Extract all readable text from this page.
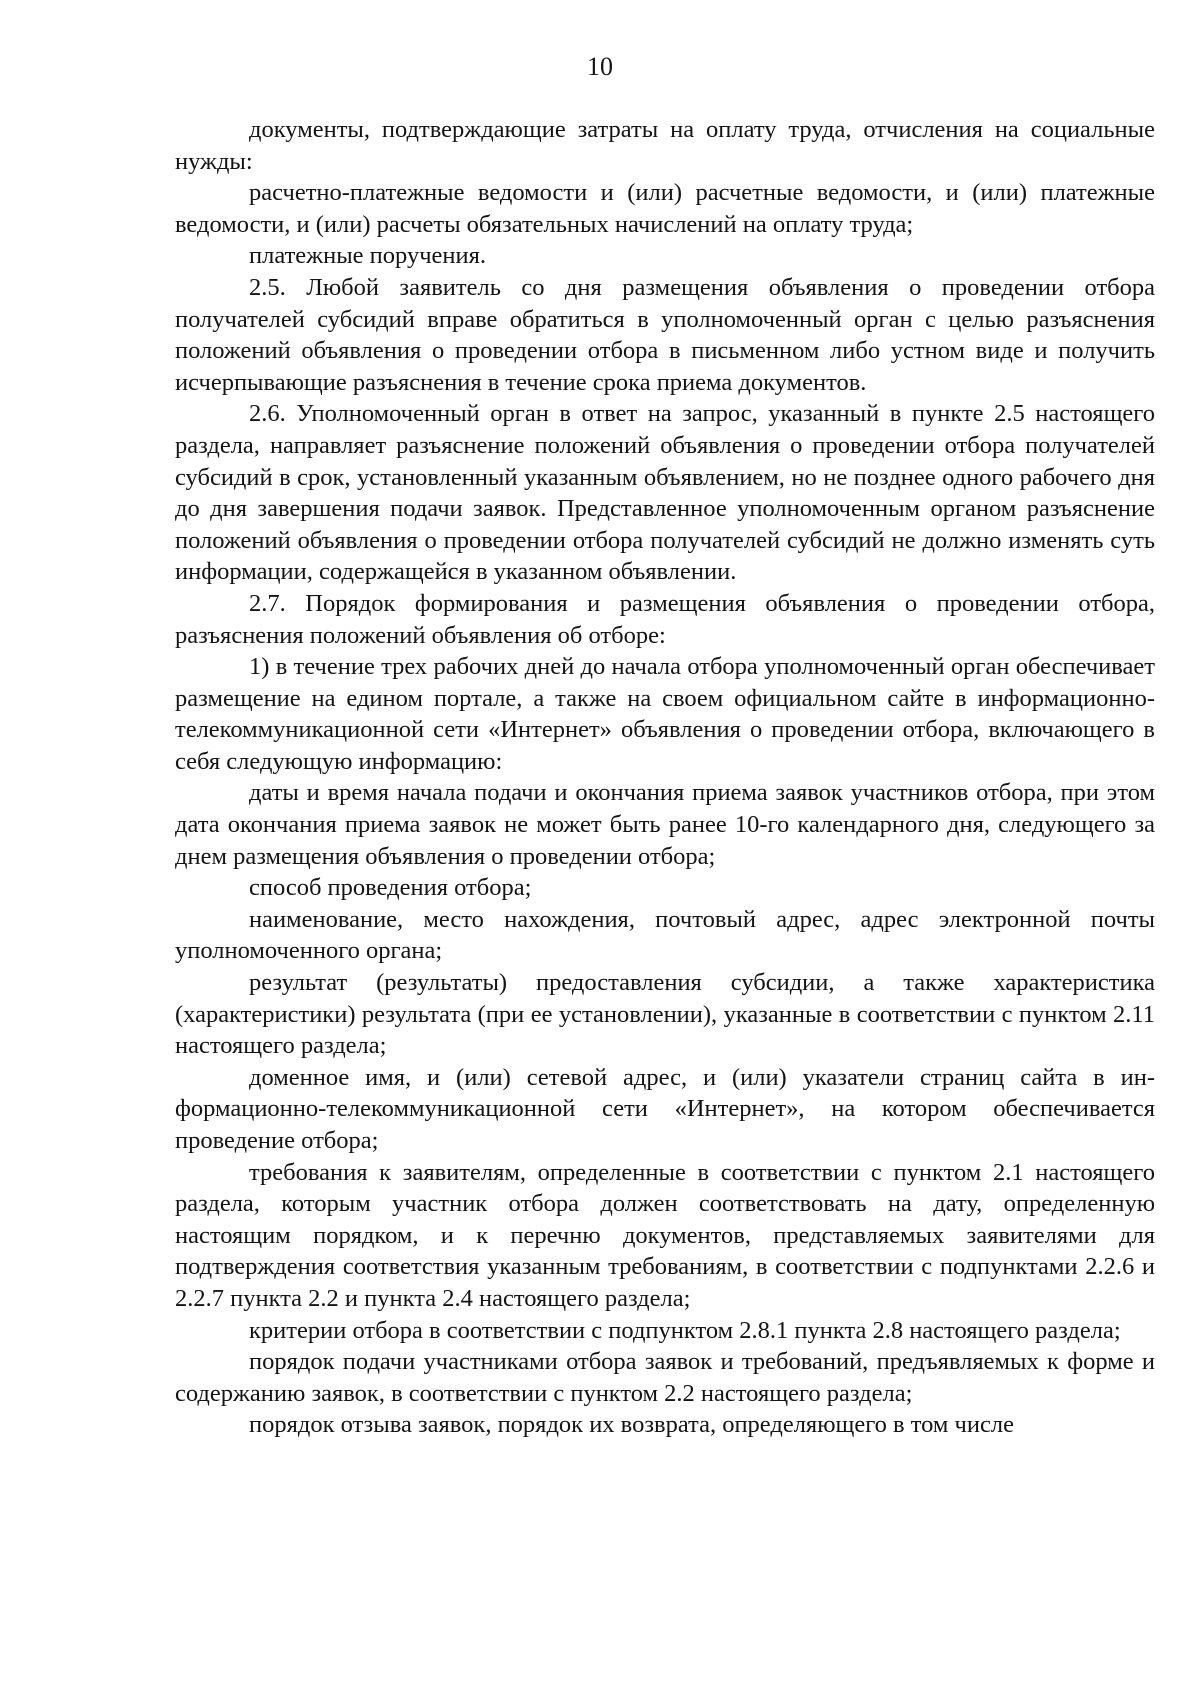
10

документы, подтверждающие затраты на оплату труда, отчисления на социальные нужды:

расчетно-платежные ведомости и (или) расчетные ведомости, и (или) платежные ведомости, и (или) расчеты обязательных начислений на оплату труда;

платежные поручения.

2.5. Любой заявитель со дня размещения объявления о проведении отбора получателей субсидий вправе обратиться в уполномоченный орган с целью разъяснения положений объявления о проведении отбора в письменном либо устном виде и получить исчерпывающие разъяснения в течение срока приема документов.

2.6. Уполномоченный орган в ответ на запрос, указанный в пункте 2.5 настоящего раздела, направляет разъяснение положений объявления о проведении отбора получателей субсидий в срок, установленный указанным объявлением, но не позднее одного рабочего дня до дня завершения подачи заявок. Представленное уполномоченным органом разъяснение положений объявления о проведении отбора получателей субсидий не должно изменять суть информации, содержащейся в указанном объявлении.

2.7. Порядок формирования и размещения объявления о проведении отбора, разъяснения положений объявления об отборе:

1) в течение трех рабочих дней до начала отбора уполномоченный орган обеспечивает размещение на едином портале, а также на своем официальном сайте в информационно-телекоммуникационной сети «Интернет» объявления о проведении отбора, включающего в себя следующую информацию:

даты и время начала подачи и окончания приема заявок участников отбора, при этом дата окончания приема заявок не может быть ранее 10-го календарного дня, следующего за днем размещения объявления о проведении отбора;

способ проведения отбора;

наименование, место нахождения, почтовый адрес, адрес электронной почты уполномоченного органа;

результат (результаты) предоставления субсидии, а также характеристика (характеристики) результата (при ее установлении), указанные в соответствии с пунктом 2.11 настоящего раздела;

доменное имя, и (или) сетевой адрес, и (или) указатели страниц сайта в информационно-телекоммуникационной сети «Интернет», на котором обеспечивается проведение отбора;

требования к заявителям, определенные в соответствии с пунктом 2.1 настоящего раздела, которым участник отбора должен соответствовать на дату, определенную настоящим порядком, и к перечню документов, представляемых заявителями для подтверждения соответствия указанным требованиям, в соответствии с подпунктами 2.2.6 и 2.2.7 пункта 2.2 и пункта 2.4 настоящего раздела;

критерии отбора в соответствии с подпунктом 2.8.1 пункта 2.8 настоящего раздела;

порядок подачи участниками отбора заявок и требований, предъявляемых к форме и содержанию заявок, в соответствии с пунктом 2.2 настоящего раздела;

порядок отзыва заявок, порядок их возврата, определяющего в том числе
